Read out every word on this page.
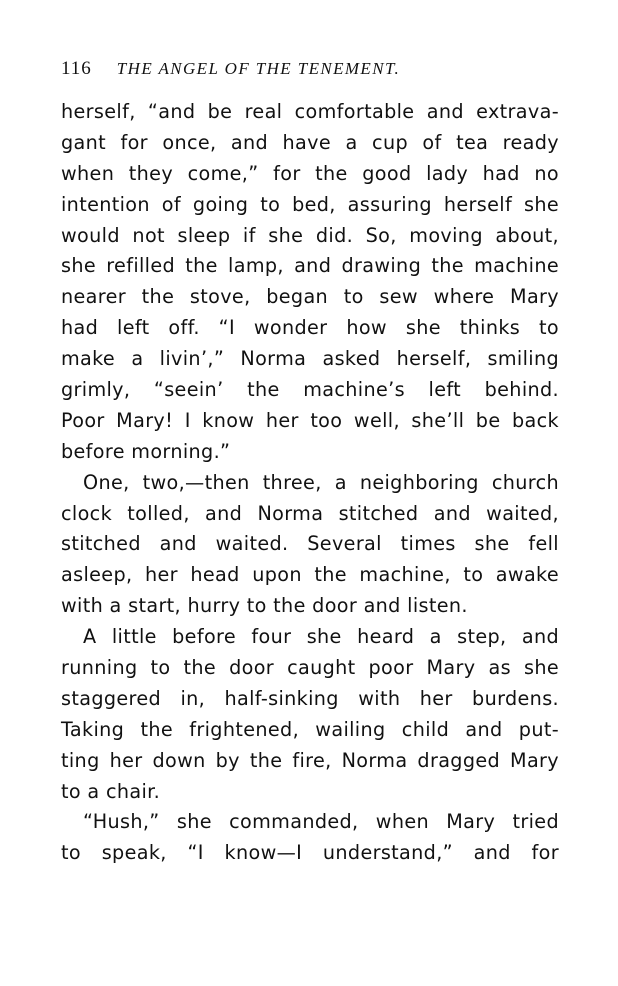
116 THE ANGEL OF THE TENEMENT.
herself, “and be real comfortable and extrava-
gant for once, and have a cup of tea ready
when they come,” for the good lady had no
intention of going to bed, assuring herself she
would not sleep if she did. So, moving about,
she refilled the lamp, and drawing the machine
nearer the stove, began to sew where Mary
had left off. “I wonder how she thinks to
make a livin’,” Norma asked herself, smiling
grimly, “seein’ the machine’s left behind.
Poor Mary! I know her too well, she’ll be back
before morning.”
One, two,—then three, a neighboring church
clock tolled, and Norma stitched and waited,
stitched and waited. Several times she fell
asleep, her head upon the machine, to awake
with a start, hurry to the door and listen.
A little before four she heard a step, and
running to the door caught poor Mary as she
staggered in, half-sinking with her burdens.
Taking the frightened, wailing child and put-
ting her down by the fire, Norma dragged Mary
to a chair.
“Hush,” she commanded, when Mary tried
to speak, “I know—I understand,” and for
